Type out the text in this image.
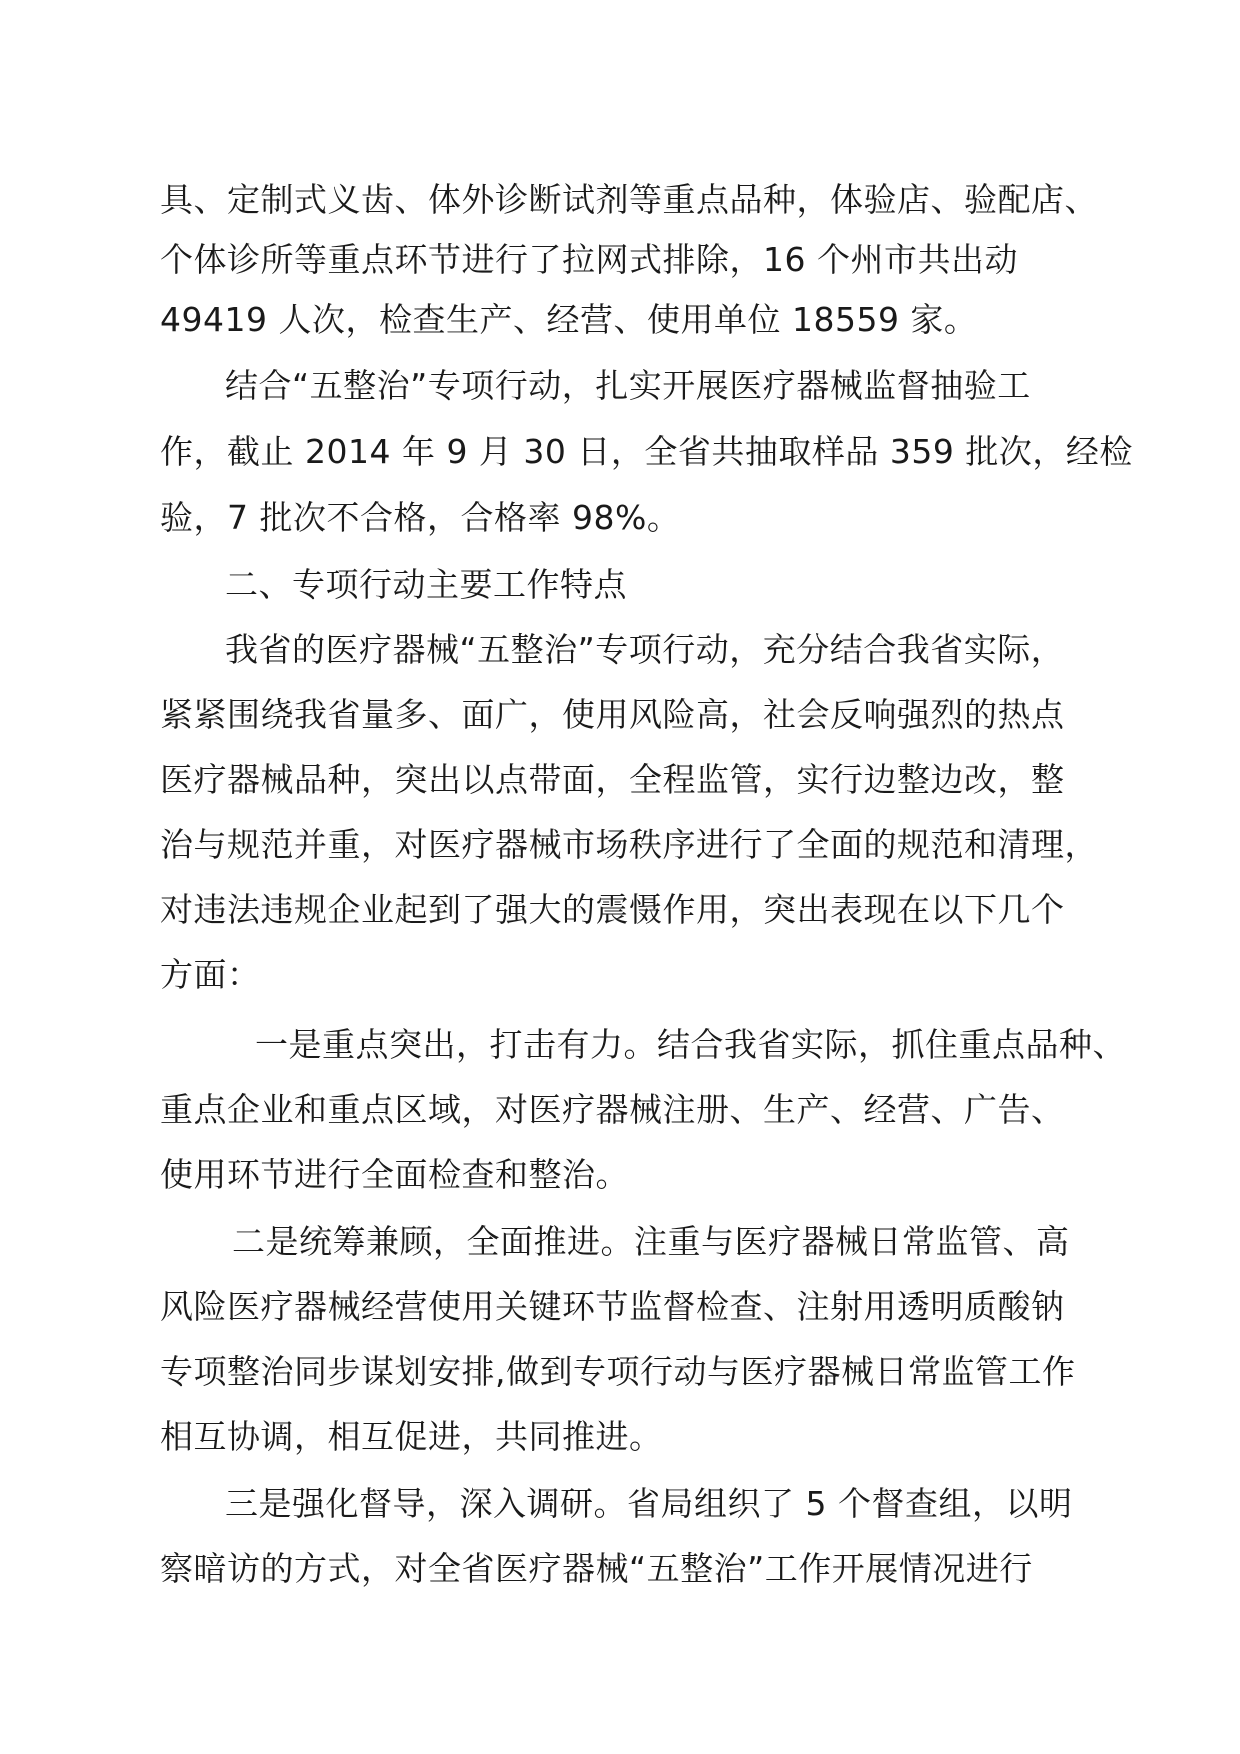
具、定制式义齿、体外诊断试剂等重点品种，体验店、验配店、
个体诊所等重点环节进行了拉网式排除，16 个州市共出动
49419 人次，检查生产、经营、使用单位 18559 家。
结合“五整治”专项行动，扎实开展医疗器械监督抽验工
作，截止 2014 年 9 月 30 日，全省共抽取样品 359 批次，经检
验，7 批次不合格，合格率 98%。
二、专项行动主要工作特点
我省的医疗器械“五整治”专项行动，充分结合我省实际，
紧紧围绕我省量多、面广，使用风险高，社会反响强烈的热点
医疗器械品种，突出以点带面，全程监管，实行边整边改，整
治与规范并重，对医疗器械市场秩序进行了全面的规范和清理，
对违法违规企业起到了强大的震慑作用，突出表现在以下几个
方面：
一是重点突出，打击有力。结合我省实际，抓住重点品种、
重点企业和重点区域，对医疗器械注册、生产、经营、广告、
使用环节进行全面检查和整治。
二是统筹兼顾，全面推进。注重与医疗器械日常监管、高
风险医疗器械经营使用关键环节监督检查、注射用透明质酸钠
专项整治同步谋划安排,做到专项行动与医疗器械日常监管工作
相互协调，相互促进，共同推进。
三是强化督导，深入调研。省局组织了 5 个督查组，以明
察暗访的方式，对全省医疗器械“五整治”工作开展情况进行
